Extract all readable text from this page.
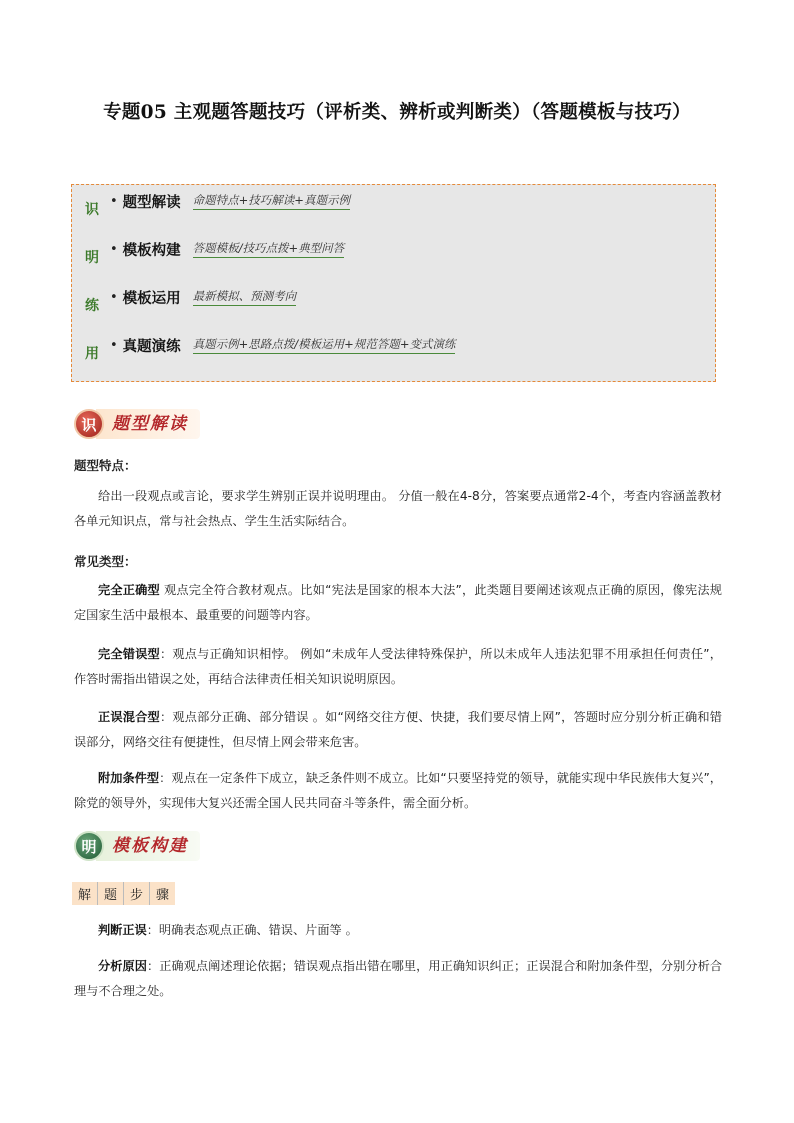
专题05 主观题答题技巧（评析类、辨析或判断类）（答题模板与技巧）
识
明
练
用
• 题型解读 命题特点+技巧解读+真题示例
• 模板构建 答题模板/技巧点拨+典型问答
• 模板运用 最新模拟、预测考向
• 真题演练 真题示例+思路点拨/模板运用+规范答题+变式演练
识 题型解读
题型特点：
给出一段观点或言论，要求学生辨别正误并说明理由。 分值一般在4-8分，答案要点通常2-4个，考查内容涵盖教材各单元知识点，常与社会热点、学生生活实际结合。
常见类型：
完全正确型 观点完全符合教材观点。比如“宪法是国家的根本大法”，此类题目要阐述该观点正确的原因，像宪法规定国家生活中最根本、最重要的问题等内容。
完全错误型：观点与正确知识相悖。 例如“未成年人受法律特殊保护，所以未成年人违法犯罪不用承担任何责任”，作答时需指出错误之处，再结合法律责任相关知识说明原因。
正误混合型：观点部分正确、部分错误 。如“网络交往方便、快捷，我们要尽情上网”，答题时应分别分析正确和错误部分，网络交往有便捷性，但尽情上网会带来危害。
附加条件型：观点在一定条件下成立，缺乏条件则不成立。比如“只要坚持党的领导，就能实现中华民族伟大复兴”，除党的领导外，实现伟大复兴还需全国人民共同奋斗等条件，需全面分析。
明 模板构建
解	题	步	骤
判断正误：明确表态观点正确、错误、片面等 。
分析原因：正确观点阐述理论依据；错误观点指出错在哪里，用正确知识纠正；正误混合和附加条件型，分别分析合理与不合理之处。
